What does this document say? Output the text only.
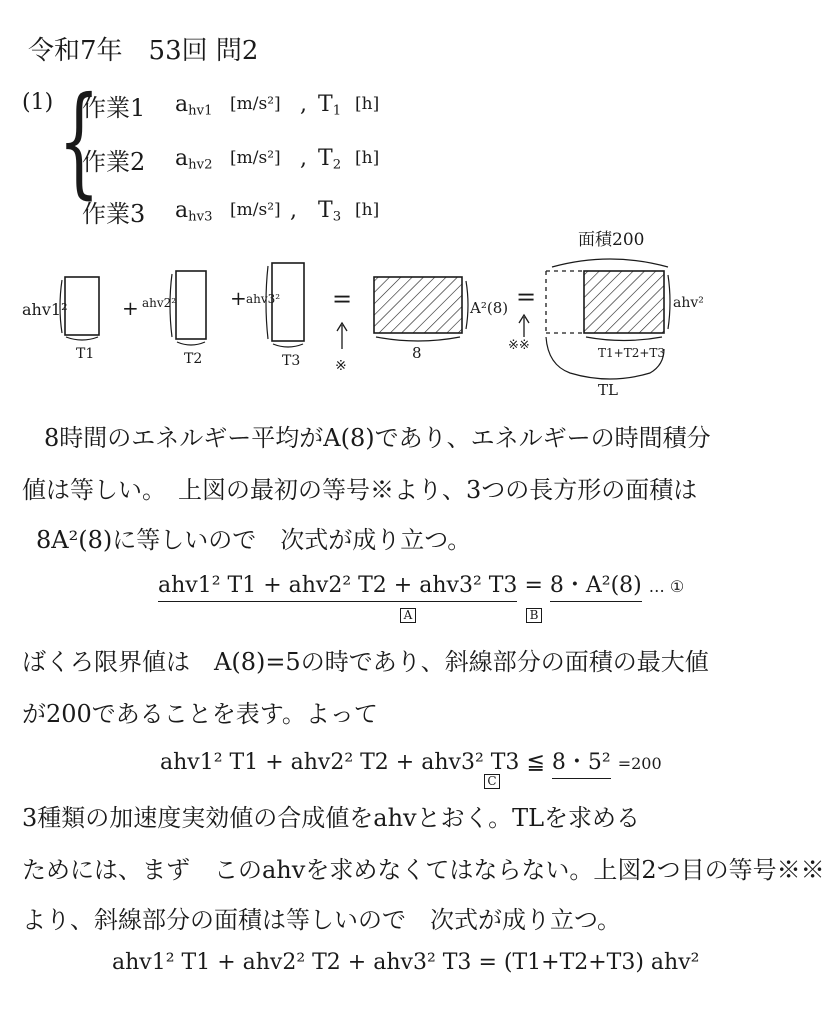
令和7年　53回 問2
(1) {
作業1 $a_{hv1}$ [m/s²] , $T_1$ [h]
作業2 $a_{hv2}$ [m/s²] , $T_2$ [h]
作業3 $a_{hv3}$ [m/s²] , $T_3$ [h]
ahv1²
T1
+ ahv2²
T2
+ ahv3²
T3
=
※
A²(8)
8
=
※※
面積200
ahv²
T1+T2+T3
TL
8時間のエネルギー平均がA(8)であり、エネルギーの時間積分
値は等しい。　上図の最初の等号※より、3つの長方形の面積は
8A²(8)に等しいので　次式が成り立つ。
ahv1² T1 + ahv2² T2 + ahv3² T3 = 8・A²(8) … ①
A	B
ばくろ限界値は　A(8)=5の時であり、斜線部分の面積の最大値
が200であることを表す。よって
ahv1² T1 + ahv2² T2 + ahv3² T3 ≦ 8・5² =200
C
3種類の加速度実効値の合成値をahvとおく。TLを求める
ためには、まず　このahvを求めなくてはならない。上図2つ目の等号※※
より、斜線部分の面積は等しいので　次式が成り立つ。
ahv1² T1 + ahv2² T2 + ahv3² T3 = (T1+T2+T3) ahv²
